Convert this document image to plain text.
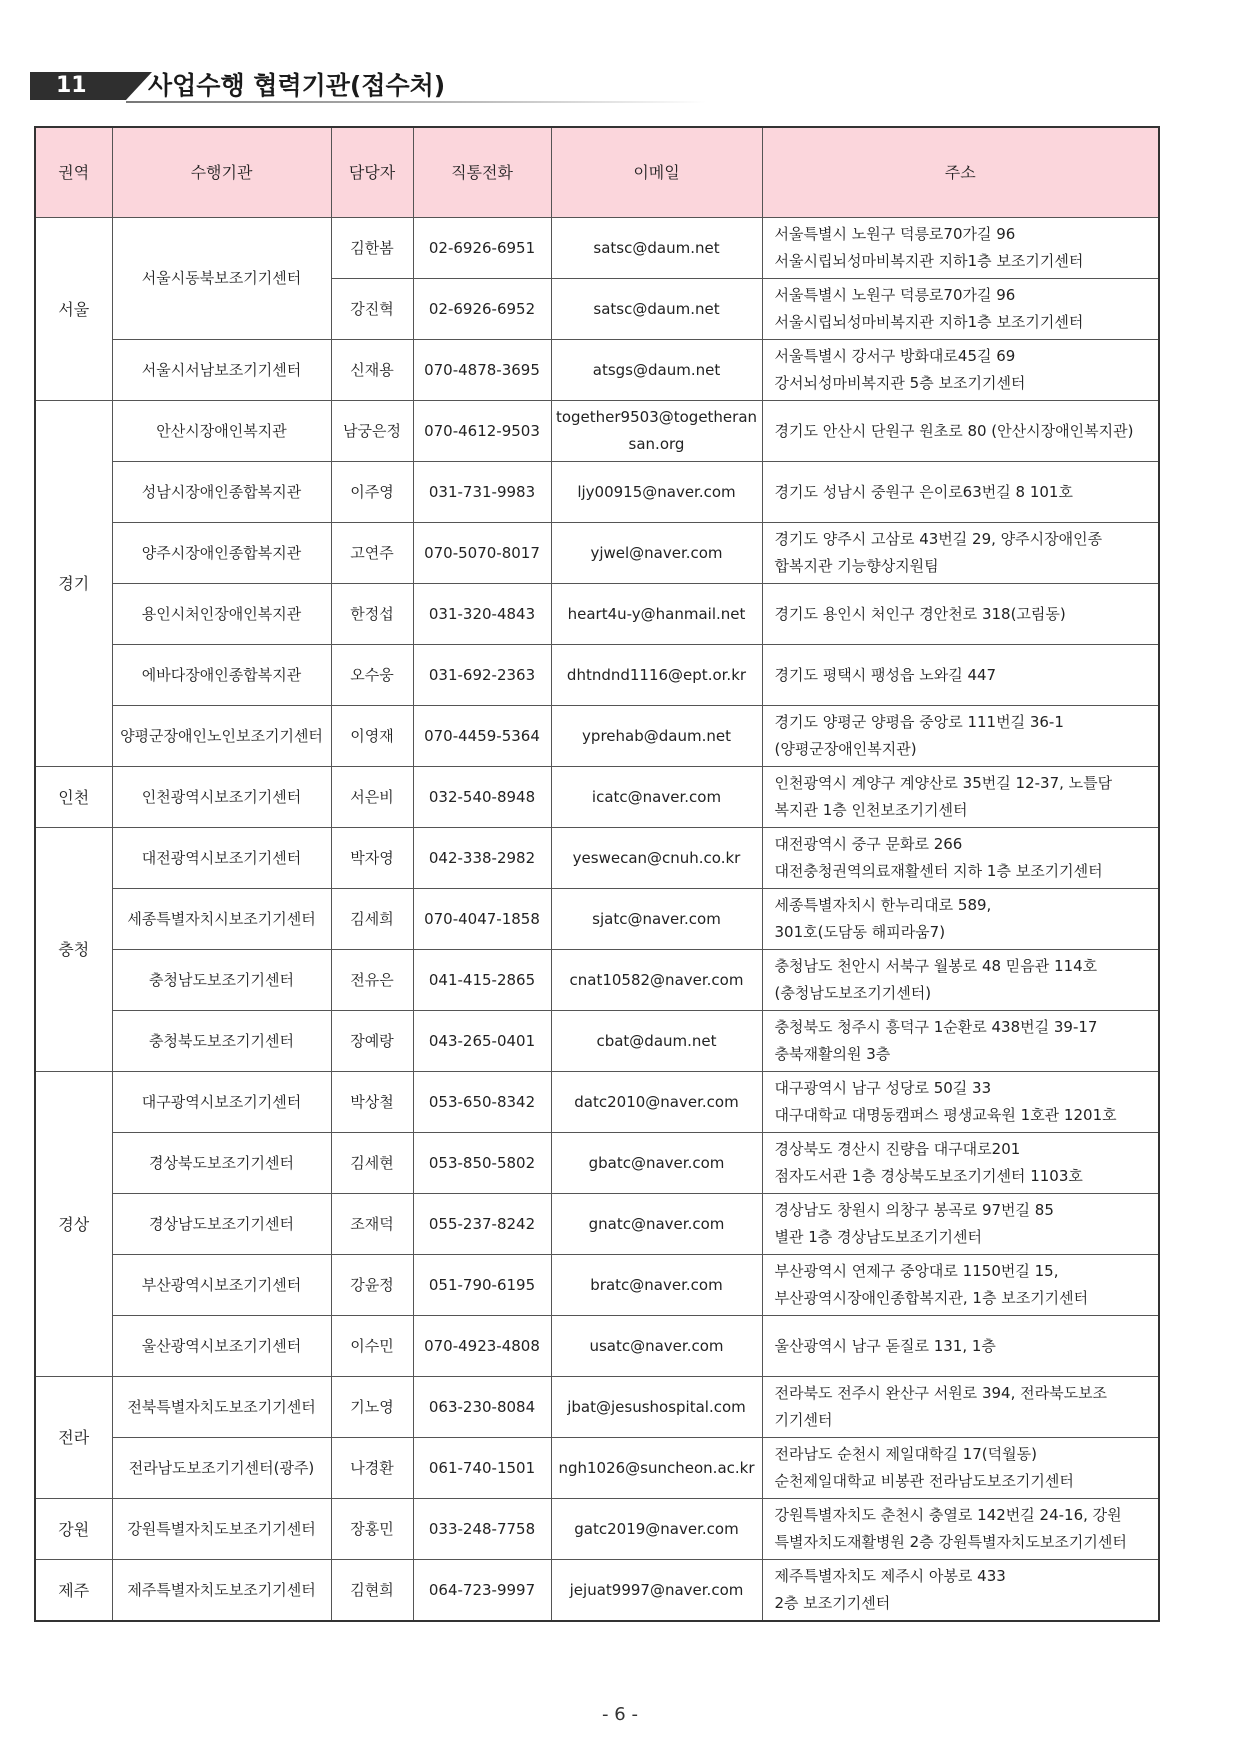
11	사업수행 협력기관(접수처)
권역	수행기관	담당자	직통전화	이메일	주소
서울	서울시동북보조기기센터	김한봄	02-6926-6951	satsc@daum.net	서울특별시 노원구 덕릉로70가길 96
서울시립뇌성마비복지관 지하1층 보조기기센터
		강진혁	02-6926-6952	satsc@daum.net	서울특별시 노원구 덕릉로70가길 96
서울시립뇌성마비복지관 지하1층 보조기기센터
	서울시서남보조기기센터	신재용	070-4878-3695	atsgs@daum.net	서울특별시 강서구 방화대로45길 69
강서뇌성마비복지관 5층 보조기기센터
경기	안산시장애인복지관	남궁은정	070-4612-9503	together9503@togetheransan.org	경기도 안산시 단원구 원초로 80 (안산시장애인복지관)
	성남시장애인종합복지관	이주영	031-731-9983	ljy00915@naver.com	경기도 성남시 중원구 은이로63번길 8 101호
	양주시장애인종합복지관	고연주	070-5070-8017	yjwel@naver.com	경기도 양주시 고삼로 43번길 29, 양주시장애인종
합복지관 기능향상지원팀
	용인시처인장애인복지관	한정섭	031-320-4843	heart4u-y@hanmail.net	경기도 용인시 처인구 경안천로 318(고림동)
	에바다장애인종합복지관	오수웅	031-692-2363	dhtndnd1116@ept.or.kr	경기도 평택시 팽성읍 노와길 447
	양평군장애인노인보조기기센터	이영재	070-4459-5364	yprehab@daum.net	경기도 양평군 양평읍 중앙로 111번길 36-1
(양평군장애인복지관)
인천	인천광역시보조기기센터	서은비	032-540-8948	icatc@naver.com	인천광역시 계양구 계양산로 35번길 12-37, 노틀담
복지관 1층 인천보조기기센터
충청	대전광역시보조기기센터	박자영	042-338-2982	yeswecan@cnuh.co.kr	대전광역시 중구 문화로 266
대전충청권역의료재활센터 지하 1층 보조기기센터
	세종특별자치시보조기기센터	김세희	070-4047-1858	sjatc@naver.com	세종특별자치시 한누리대로 589,
301호(도담동 해피라움7)
	충청남도보조기기센터	전유은	041-415-2865	cnat10582@naver.com	충청남도 천안시 서북구 월봉로 48 믿음관 114호
(충청남도보조기기센터)
	충청북도보조기기센터	장예랑	043-265-0401	cbat@daum.net	충청북도 청주시 흥덕구 1순환로 438번길 39-17
충북재활의원 3층
경상	대구광역시보조기기센터	박상철	053-650-8342	datc2010@naver.com	대구광역시 남구 성당로 50길 33
대구대학교 대명동캠퍼스 평생교육원 1호관 1201호
	경상북도보조기기센터	김세현	053-850-5802	gbatc@naver.com	경상북도 경산시 진량읍 대구대로201
점자도서관 1층 경상북도보조기기센터 1103호
	경상남도보조기기센터	조재덕	055-237-8242	gnatc@naver.com	경상남도 창원시 의창구 봉곡로 97번길 85
별관 1층 경상남도보조기기센터
	부산광역시보조기기센터	강윤정	051-790-6195	bratc@naver.com	부산광역시 연제구 중앙대로 1150번길 15,
부산광역시장애인종합복지관, 1층 보조기기센터
	울산광역시보조기기센터	이수민	070-4923-4808	usatc@naver.com	울산광역시 남구 돋질로 131, 1층
전라	전북특별자치도보조기기센터	기노영	063-230-8084	jbat@jesushospital.com	전라북도 전주시 완산구 서원로 394, 전라북도보조
기기센터
	전라남도보조기기센터(광주)	나경환	061-740-1501	ngh1026@suncheon.ac.kr	전라남도 순천시 제일대학길 17(덕월동)
순천제일대학교 비봉관 전라남도보조기기센터
강원	강원특별자치도보조기기센터	장홍민	033-248-7758	gatc2019@naver.com	강원특별자치도 춘천시 충열로 142번길 24-16, 강원
특별자치도재활병원 2층 강원특별자치도보조기기센터
제주	제주특별자치도보조기기센터	김현희	064-723-9997	jejuat9997@naver.com	제주특별자치도 제주시 아봉로 433
2층 보조기기센터
- 6 -
